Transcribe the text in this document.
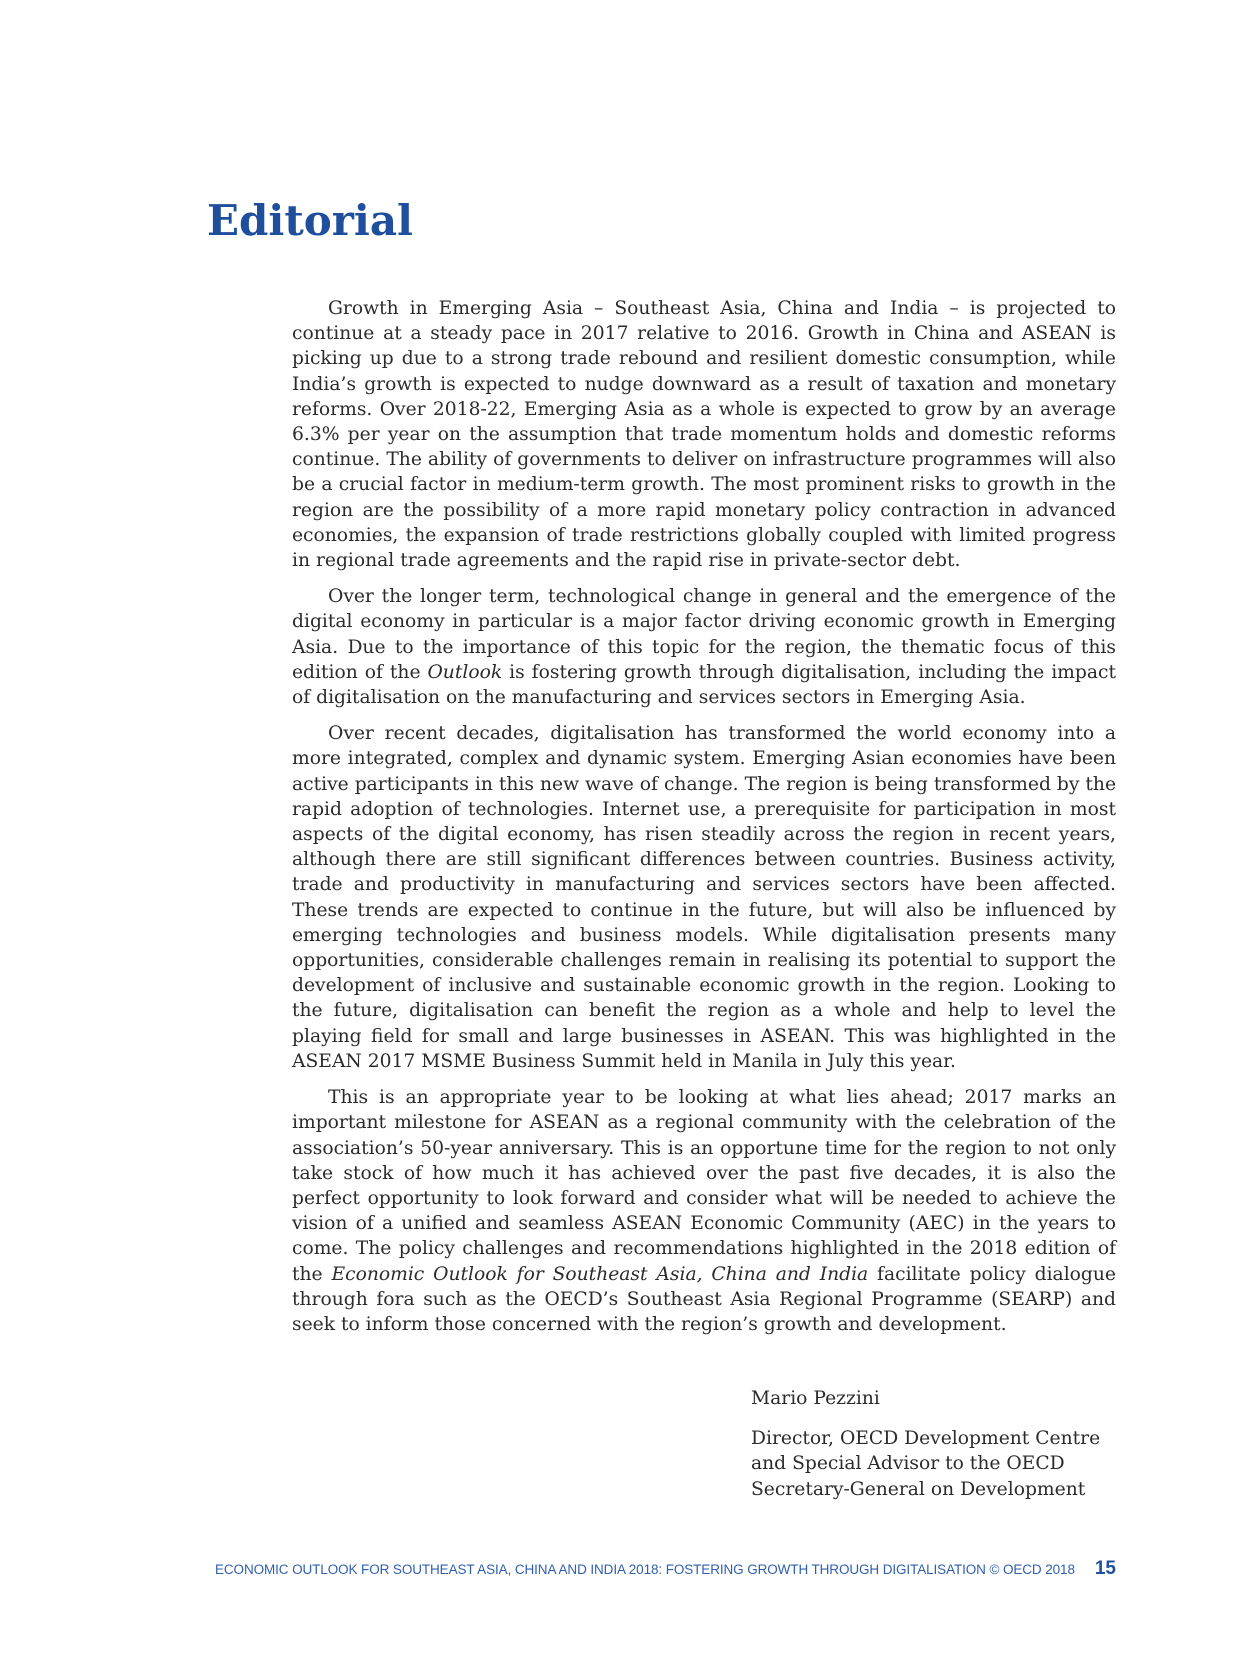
Editorial

Growth in Emerging Asia – Southeast Asia, China and India – is projected to continue at a steady pace in 2017 relative to 2016. Growth in China and ASEAN is picking up due to a strong trade rebound and resilient domestic consumption, while India’s growth is expected to nudge downward as a result of taxation and monetary reforms. Over 2018-22, Emerging Asia as a whole is expected to grow by an average 6.3% per year on the assumption that trade momentum holds and domestic reforms continue. The ability of governments to deliver on infrastructure programmes will also be a crucial factor in medium-term growth. The most prominent risks to growth in the region are the possibility of a more rapid monetary policy contraction in advanced economies, the expansion of trade restrictions globally coupled with limited progress in regional trade agreements and the rapid rise in private-sector debt.

Over the longer term, technological change in general and the emergence of the digital economy in particular is a major factor driving economic growth in Emerging Asia. Due to the importance of this topic for the region, the thematic focus of this edition of the Outlook is fostering growth through digitalisation, including the impact of digitalisation on the manufacturing and services sectors in Emerging Asia.

Over recent decades, digitalisation has transformed the world economy into a more integrated, complex and dynamic system. Emerging Asian economies have been active participants in this new wave of change. The region is being transformed by the rapid adoption of technologies. Internet use, a prerequisite for participation in most aspects of the digital economy, has risen steadily across the region in recent years, although there are still significant differences between countries. Business activity, trade and productivity in manufacturing and services sectors have been affected. These trends are expected to continue in the future, but will also be influenced by emerging technologies and business models. While digitalisation presents many opportunities, considerable challenges remain in realising its potential to support the development of inclusive and sustainable economic growth in the region. Looking to the future, digitalisation can benefit the region as a whole and help to level the playing field for small and large businesses in ASEAN. This was highlighted in the ASEAN 2017 MSME Business Summit held in Manila in July this year.

This is an appropriate year to be looking at what lies ahead; 2017 marks an important milestone for ASEAN as a regional community with the celebration of the association’s 50-year anniversary. This is an opportune time for the region to not only take stock of how much it has achieved over the past five decades, it is also the perfect opportunity to look forward and consider what will be needed to achieve the vision of a unified and seamless ASEAN Economic Community (AEC) in the years to come. The policy challenges and recommendations highlighted in the 2018 edition of the Economic Outlook for Southeast Asia, China and India facilitate policy dialogue through fora such as the OECD’s Southeast Asia Regional Programme (SEARP) and seek to inform those concerned with the region’s growth and development.

Mario Pezzini

Director, OECD Development Centre
and Special Advisor to the OECD
Secretary-General on Development

ECONOMIC OUTLOOK FOR SOUTHEAST ASIA, CHINA AND INDIA 2018: FOSTERING GROWTH THROUGH DIGITALISATION © OECD 2018 15
